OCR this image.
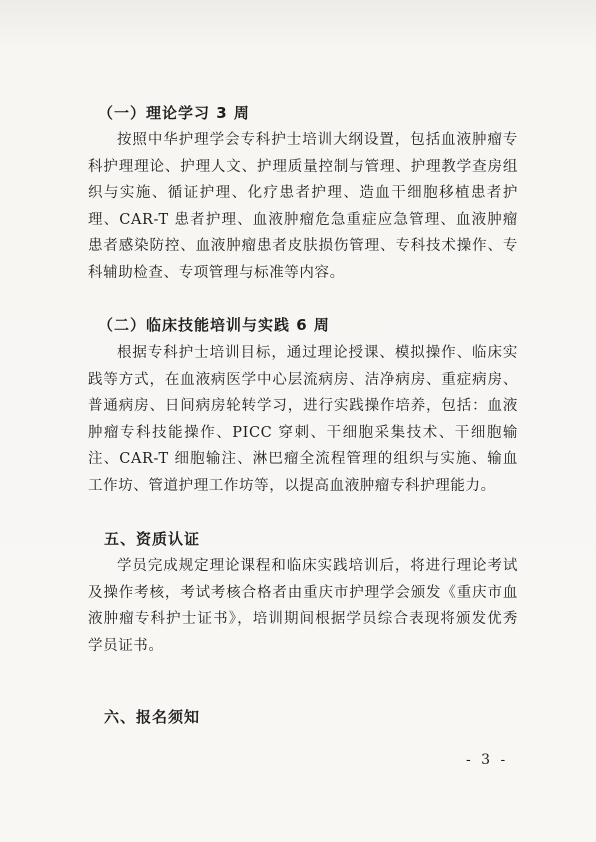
（一）理论学习 3 周
按照中华护理学会专科护士培训大纲设置，包括血液肿瘤专科护理理论、护理人文、护理质量控制与管理、护理教学查房组织与实施、循证护理、化疗患者护理、造血干细胞移植患者护理、CAR-T 患者护理、血液肿瘤危急重症应急管理、血液肿瘤患者感染防控、血液肿瘤患者皮肤损伤管理、专科技术操作、专科辅助检查、专项管理与标准等内容。
（二）临床技能培训与实践 6 周
根据专科护士培训目标，通过理论授课、模拟操作、临床实践等方式，在血液病医学中心层流病房、洁净病房、重症病房、普通病房、日间病房轮转学习，进行实践操作培养，包括：血液肿瘤专科技能操作、PICC 穿刺、干细胞采集技术、干细胞输注、CAR-T 细胞输注、淋巴瘤全流程管理的组织与实施、输血工作坊、管道护理工作坊等，以提高血液肿瘤专科护理能力。
五、资质认证
学员完成规定理论课程和临床实践培训后，将进行理论考试及操作考核，考试考核合格者由重庆市护理学会颁发《重庆市血液肿瘤专科护士证书》，培训期间根据学员综合表现将颁发优秀学员证书。
六、报名须知
- 3 -
